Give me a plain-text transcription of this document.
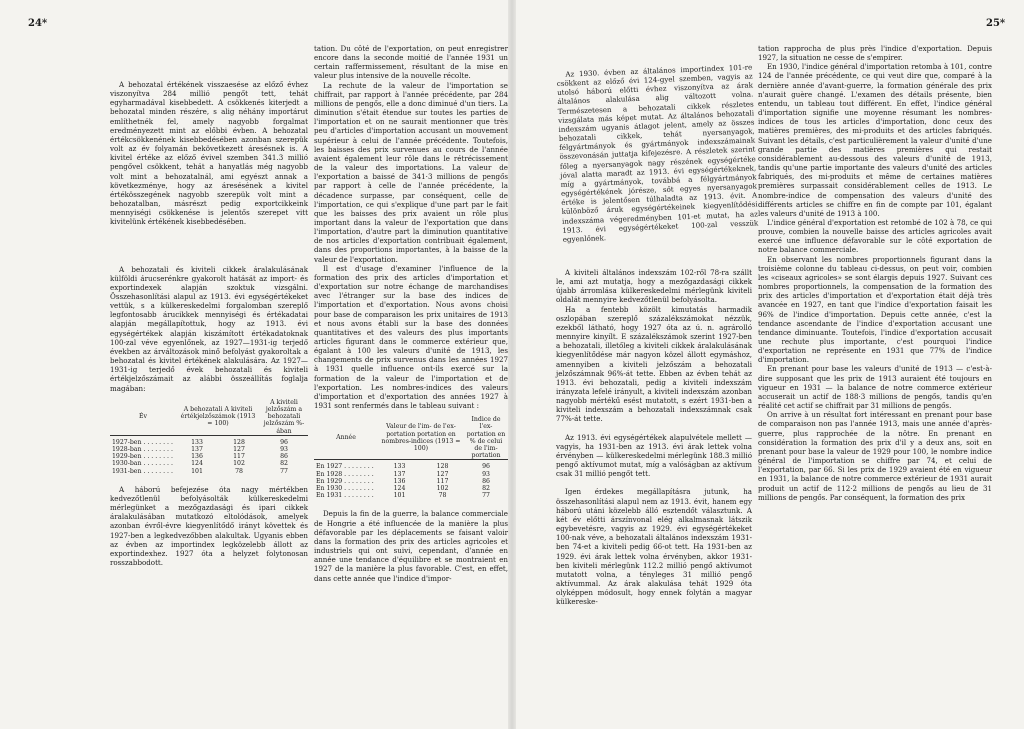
24*

A behozatal értékének visszaesése az előző évhez viszonyítva 284 millió pengőt tett, tehát egyharmadával kisebbedett. A csökkenés kiterjedt a behozatal minden részére, s alig néhány importárut említhetnék fel, amely nagyobb forgalmat eredményezett mint az előbbi évben. A behozatal értékcsökkenének kisebbedésében azonban szerepük volt az év folyamán bekövetkezett áresésnek is. A kivitel értéke az előző évivel szemben 341.3 millió pengővel csökkent, tehát a hanyatlás még nagyobb volt mint a behozatalnál, ami egyészt annak a következménye, hogy az áresésének a kivitel értékösszegének nagyobb szerepük volt mint a behozatalban, másrészt pedig exportcikkeink mennyiségi csökkenése is jelentős szerepet vitt kivitelünk értékének kisebbedésében.

A behozatali és kiviteli cikkek áralakulásának külföldi árucserénkre gyakorolt hatását az import- és exportindexek alapján szoktuk vizsgálni. Összehasonlítási alapul az 1913. évi egységértékeket vettük, s a külkereskedelmi forgalomban szereplő legfontosabb árucikkek mennyiségi és értékadatai alapján megállapítottuk, hogy az 1913. évi egységértékek alapján kiszámított értékadatoknak 100-zal véve egyenlőnek, az 1927—1931-ig terjedő években az árváltozások minő befolyást gyakoroltak a behozatal és kivitel értékének alakulására. Az 1927—1931-ig terjedő évek behozatali és kiviteli értékjelzőszámait az alábbi összeállítás foglalja magában:

Év	A behozatali A kiviteli értékjelzőszámok (1913 = 100)		A kiviteli jelzőszám a behozatali jelzőszám %-ában
1927-ben . . . . . . . .	133	128	96
1928-ban . . . . . . . .	137	127	93
1929-ben . . . . . . . .	136	117	86
1930-ban . . . . . . . .	124	102	82
1931-ben . . . . . . . .	101	78	77

A háború befejezése óta nagy mértékben kedvezőtlenül befolyásolták külkereskedelmi mérlegünket a mezőgazdasági és ipari cikkek áralakulásában mutatkozó eltolódások, amelyek azonban évről-évre kiegyenlítődő irányt követtek és 1927-ben a legkedvezőbben alakultak. Ugyanis ebben az évben az importindex legközelebb állott az exportindexhez. 1927 óta a helyzet folytonosan rosszabbodott.

tation. Du côté de l'exportation, on peut enregistrer encore dans la seconde moitié de l'année 1931 un certain raffermissement, résultant de la mise en valeur plus intensive de la nouvelle récolte.

La rechute de la valeur de l'importation se chiffrait, par rapport à l'année précédente, par 284 millions de pengős, elle a donc diminué d'un tiers. La diminution s'était étendue sur toutes les parties de l'importation et on ne saurait mentionner que très peu d'articles d'importation accusant un mouvement supérieur à celui de l'année précédente. Toutefois, les baisses des prix survenues au cours de l'année avaient également leur rôle dans le rétrécissement de la valeur des importations. La valeur de l'exportation a baissé de 341·3 millions de pengős par rapport à celle de l'année précédente, la décadence surpasse, par conséquent, celle de l'importation, ce qui s'explique d'une part par le fait que les baisses des prix avaient un rôle plus important dans la valeur de l'exportation que dans l'importation, d'autre part la diminution quantitative de nos articles d'exportation contribuait également, dans des proportions importantes, à la baisse de la valeur de l'exportation.

Il est d'usage d'examiner l'influence de la formation des prix des articles d'importation et d'exportation sur notre échange de marchandises avec l'étranger sur la base des indices de l'importation et d'exportation. Nous avons choisi pour base de comparaison les prix unitaires de 1913 et nous avons établi sur la base des données quantitatives et des valeurs des plus importants articles figurant dans le commerce extérieur que, égalant à 100 les valeurs d'unité de 1913, les changements de prix survenus dans les années 1927 à 1931 quelle influence ont-ils exercé sur la formation de la valeur de l'importation et de l'exportation. Les nombres-indices des valeurs d'importation et d'exportation des années 1927 à 1931 sont renfermés dans le tableau suivant :

Année	Valeur de l'im- de l'ex- portation portation en nombres-indices (1913 = 100)		Indice de l'ex- portation en % de celui de l'im- portation
En 1927 . . . . . . . .	133	128	96
En 1928 . . . . . . . .	137	127	93
En 1929 . . . . . . . .	136	117	86
En 1930 . . . . . . . .	124	102	82
En 1931 . . . . . . . .	101	78	77

Depuis la fin de la guerre, la balance commerciale de Hongrie a été influencée de la manière la plus défavorable par les déplacements se faisant valoir dans la formation des prix des articles agricoles et industriels qui ont suivi, cependant, d'année en année une tendance d'équilibre et se montraient en 1927 de la manière la plus favorable. C'est, en effet, dans cette année que l'indice d'impor-

25*

Az 1930. évben az általános importindex 101-re csökkent az előző évi 124-gyel szemben, vagyis az utolsó háború előtti évhez viszonyítva az árak általános alakulása alig változott volna. Természetesen a behozatali cikkek részletes vizsgálata más képet mutat. Az általános behozatali indexszám ugyanis átlagot jelent, amely az összes behozatali cikkek, tehát nyersanyagok, félgyártmányok és gyártmányok indexszámainak összevonásán juttatja kifejezésre. A részletek szerint főleg a nyersanyagok nagy részének egységértéke jóval alatta maradt az 1913. évi egységértékeknek, míg a gyártmányok, továbbá a félgyártmányok egységértékének jórésze, sőt egyes nyersanyagok értéke is jelentősen túlhaladta az 1913. évit. A különböző áruk egységértékeinek kiegyenlítődési indexszáma végeredményben 101-et mutat, ha az 1913. évi egységértékeket 100-zal vesszük egyenlőnek.

A kiviteli általános indexszám 102-ről 78-ra szállt le, ami azt mutatja, hogy a mezőgazdasági cikkek újabb árromlása külkereskedelmi mérlegünk kiviteli oldalát mennyire kedvezőtlenül befolyásolta.

Ha a fentebb közölt kimutatás harmadik oszlopában szereplő százalékszámokat nézzük, ezekből látható, hogy 1927 óta az ú. n. agrárolló mennyire kinyílt. E százalékszámok szerint 1927-ben a behozatali, illetőleg a kiviteli cikkek áralakulásának kiegyenlítődése már nagyon közel állott egymáshoz, amennyiben a kiviteli jelzőszám a behozatali jelzőszámnak 96%-át tette. Ebben az évben tehát az 1913. évi behozatali, pedig a kiviteli indexszám irányzata lefelé irányult, a kiviteli indexszám azonban nagyobb mértékű esést mutatott, s ezért 1931-ben a kiviteli indexszám a behozatali indexszámnak csak 77%-át tette.

Az 1913. évi egységértékek alapulvétele mellett — vagyis, ha 1931-ben az 1913. évi árak lettek volna érvényben — külkereskedelmi mérlegünk 188.3 millió pengő aktívumot mutat, míg a valóságban az aktívum csak 31 millió pengőt tett.

Igen érdekes megállapításra jutunk, ha összehasonlítási alapul nem az 1913. évit, hanem egy háború utáni közelebb álló esztendőt választunk. A két év előtti árszínvonal elég alkalmasnak látszik egybevetésre, vagyis az 1929. évi egységértékeket 100-nak véve, a behozatali általános indexszám 1931-ben 74-et a kiviteli pedig 66-ot tett. Ha 1931-ben az 1929. évi árak lettek volna érvényben, akkor 1931-ben kiviteli mérlegünk 112.2 millió pengő aktívumot mutatott volna, a tényleges 31 millió pengő aktívummal. Az árak alakulása tehát 1929 óta olyképpen módosult, hogy ennek folytán a magyar külkereske-

tation rapprocha de plus près l'indice d'exportation. Depuis 1927, la situation ne cesse de s'empirer.

En 1930, l'indice général d'importation retomba à 101, contre 124 de l'année précédente, ce qui veut dire que, comparé à la dernière année d'avant-guerre, la formation générale des prix n'aurait guère changé. L'examen des détails présente, bien entendu, un tableau tout différent. En effet, l'indice général d'importation signifie une moyenne résumant les nombres-indices de tous les articles d'importation, donc ceux des matières premières, des mi-produits et des articles fabriqués. Suivant les détails, c'est particulièrement la valeur d'unité d'une grande partie des matières premières qui restait considérablement au-dessous des valeurs d'unité de 1913, tandis qu'une partie importante des valeurs d'unité des articles fabriqués, des mi-produits et même de certaines matières premières surpassait considérablement celles de 1913. Le nombre-indice de compensation des valeurs d'unité des différents articles se chiffre en fin de compte par 101, égalant les valeurs d'unité de 1913 à 100.

L'indice général d'exportation est retombé de 102 à 78, ce qui prouve, combien la nouvelle baisse des articles agricoles avait exercé une influence défavorable sur le côté exportation de notre balance commerciale.

En observant les nombres proportionnels figurant dans la troisième colonne du tableau ci-dessus, on peut voir, combien les «ciseaux agricoles» se sont élargis depuis 1927. Suivant ces nombres proportionnels, la compensation de la formation des prix des articles d'importation et d'exportation était déjà très avancée en 1927, en tant que l'indice d'exportation faisait les 96% de l'indice d'importation. Depuis cette année, c'est la tendance ascendante de l'indice d'exportation accusant une tendance diminuante. Toutefois, l'indice d'exportation accusait une rechute plus importante, c'est pourquoi l'indice d'exportation ne représente en 1931 que 77% de l'indice d'importation.

En prenant pour base les valeurs d'unité de 1913 — c'est-à-dire supposant que les prix de 1913 auraient été toujours en vigueur en 1931 — la balance de notre commerce extérieur accuserait un actif de 188·3 millions de pengős, tandis qu'en réalité cet actif se chiffrait par 31 millions de pengős.

On arrive à un résultat fort intéressant en prenant pour base de comparaison non pas l'année 1913, mais une année d'après-guerre, plus rapprochée de la nôtre. En prenant en considération la formation des prix d'il y a deux ans, soit en prenant pour base la valeur de 1929 pour 100, le nombre indice général de l'importation se chiffre par 74, et celui de l'exportation, par 66. Si les prix de 1929 avaient été en vigueur en 1931, la balance de notre commerce extérieur de 1931 aurait produit un actif de 112·2 millions de pengős au lieu de 31 millions de pengős. Par conséquent, la formation des prix
